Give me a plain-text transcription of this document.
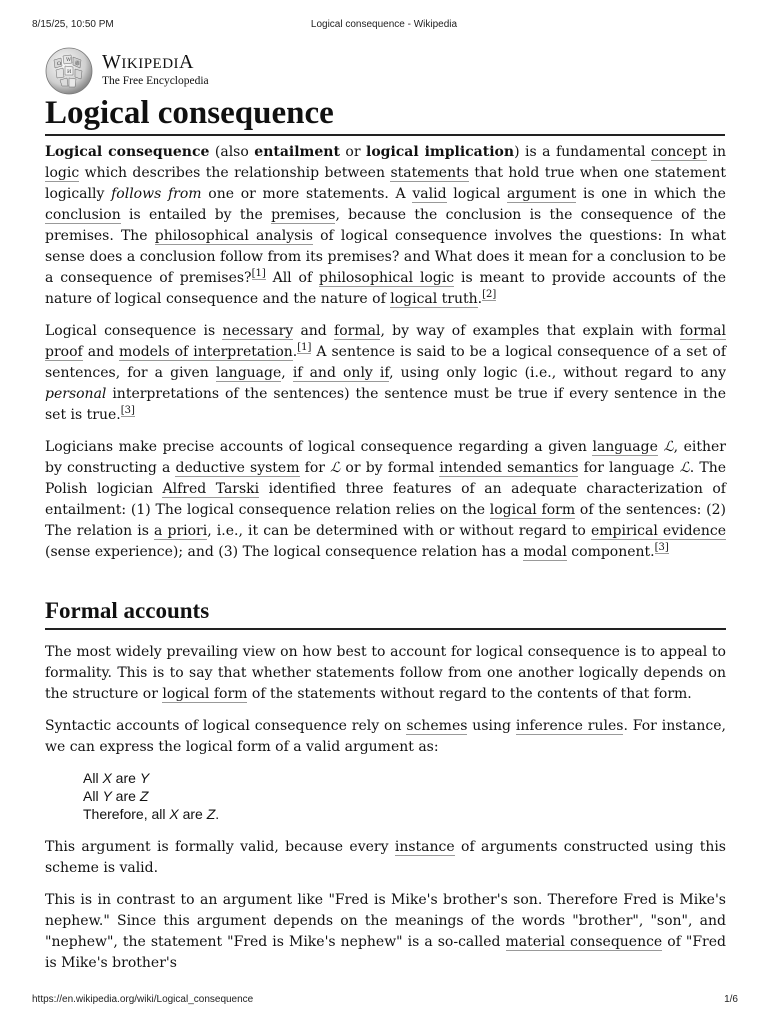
8/15/25, 10:50 PM	Logical consequence - Wikipedia
Ω
W
И
維 WIKIPEDIA
The Free Encyclopedia
Logical consequence

Logical consequence (also entailment or logical implication) is a fundamental concept in logic which describes the relationship between statements that hold true when one statement logically follows from one or more statements. A valid logical argument is one in which the conclusion is entailed by the premises, because the conclusion is the consequence of the premises. The philosophical analysis of logical consequence involves the questions: In what sense does a conclusion follow from its premises? and What does it mean for a conclusion to be a consequence of premises?[1] All of philosophical logic is meant to provide accounts of the nature of logical consequence and the nature of logical truth.[2]

Logical consequence is necessary and formal, by way of examples that explain with formal proof and models of interpretation.[1] A sentence is said to be a logical consequence of a set of sentences, for a given language, if and only if, using only logic (i.e., without regard to any personal interpretations of the sentences) the sentence must be true if every sentence in the set is true.[3]

Logicians make precise accounts of logical consequence regarding a given language ℒ, either by constructing a deductive system for ℒ or by formal intended semantics for language ℒ. The Polish logician Alfred Tarski identified three features of an adequate characterization of entailment: (1) The logical consequence relation relies on the logical form of the sentences: (2) The relation is a priori, i.e., it can be determined with or without regard to empirical evidence (sense experience); and (3) The logical consequence relation has a modal component.[3]

Formal accounts

The most widely prevailing view on how best to account for logical consequence is to appeal to formality. This is to say that whether statements follow from one another logically depends on the structure or logical form of the statements without regard to the contents of that form.

Syntactic accounts of logical consequence rely on schemes using inference rules. For instance, we can express the logical form of a valid argument as:

All X are Y
All Y are Z
Therefore, all X are Z.

This argument is formally valid, because every instance of arguments constructed using this scheme is valid.

This is in contrast to an argument like "Fred is Mike's brother's son. Therefore Fred is Mike's nephew." Since this argument depends on the meanings of the words "brother", "son", and "nephew", the statement "Fred is Mike's nephew" is a so-called material consequence of "Fred is Mike's brother's

https://en.wikipedia.org/wiki/Logical_consequence	1/6
